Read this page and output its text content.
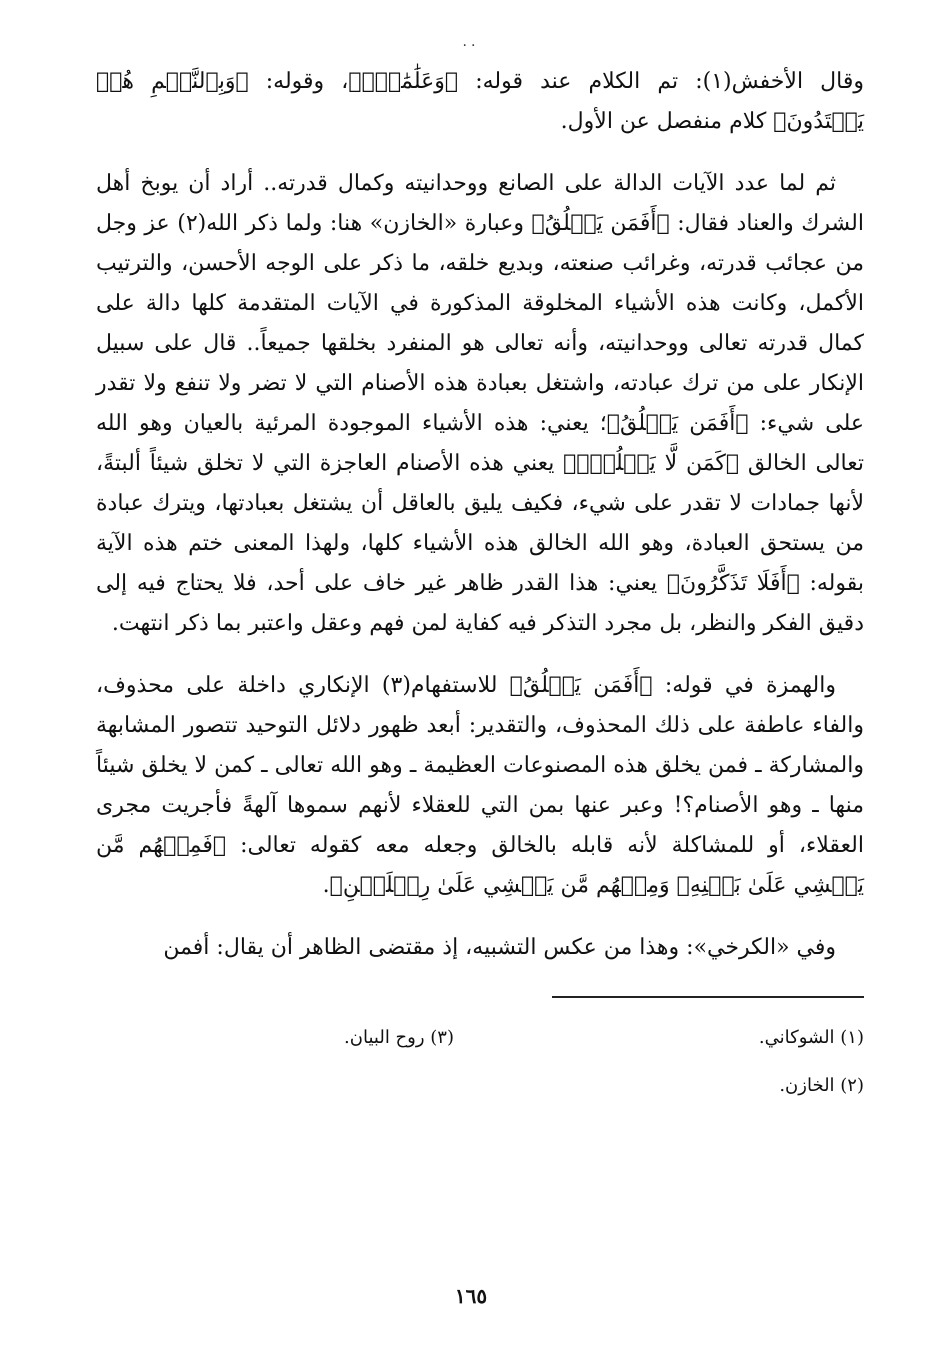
..

وقال الأخفش(١): تم الكلام عند قوله: ﴿وَعَلَٰمَٰتٍۚ﴾، وقوله: ﴿وَبِٱلنَّجۡمِ هُمۡ يَهۡتَدُونَ﴾ كلام منفصل عن الأول.

ثم لما عدد الآيات الدالة على الصانع ووحدانيته وكمال قدرته.. أراد أن يوبخ أهل الشرك والعناد فقال: ﴿أَفَمَن يَخۡلُقُ﴾ وعبارة «الخازن» هنا: ولما ذكر الله(٢) عز وجل من عجائب قدرته، وغرائب صنعته، وبديع خلقه، ما ذكر على الوجه الأحسن، والترتيب الأكمل، وكانت هذه الأشياء المخلوقة المذكورة في الآيات المتقدمة كلها دالة على كمال قدرته تعالى ووحدانيته، وأنه تعالى هو المنفرد بخلقها جميعاً.. قال على سبيل الإنكار على من ترك عبادته، واشتغل بعبادة هذه الأصنام التي لا تضر ولا تنفع ولا تقدر على شيء: ﴿أَفَمَن يَخۡلُقُ﴾؛ يعني: هذه الأشياء الموجودة المرئية بالعيان وهو الله تعالى الخالق ﴿كَمَن لَّا يَخۡلُقُۚ﴾ يعني هذه الأصنام العاجزة التي لا تخلق شيئاً ألبتةً، لأنها جمادات لا تقدر على شيء، فكيف يليق بالعاقل أن يشتغل بعبادتها، ويترك عبادة من يستحق العبادة، وهو الله الخالق هذه الأشياء كلها، ولهذا المعنى ختم هذه الآية بقوله: ﴿أَفَلَا تَذَكَّرُونَ﴾ يعني: هذا القدر ظاهر غير خاف على أحد، فلا يحتاج فيه إلى دقيق الفكر والنظر، بل مجرد التذكر فيه كفاية لمن فهم وعقل واعتبر بما ذكر انتهت.

والهمزة في قوله: ﴿أَفَمَن يَخۡلُقُ﴾ للاستفهام(٣) الإنكاري داخلة على محذوف، والفاء عاطفة على ذلك المحذوف، والتقدير: أبعد ظهور دلائل التوحيد تتصور المشابهة والمشاركة ـ فمن يخلق هذه المصنوعات العظيمة ـ وهو الله تعالى ـ كمن لا يخلق شيئاً منها ـ وهو الأصنام؟! وعبر عنها بمن التي للعقلاء لأنهم سموها آلهةً فأجريت مجرى العقلاء، أو للمشاكلة لأنه قابله بالخالق وجعله معه كقوله تعالى: ﴿فَمِنۡهُم مَّن يَمۡشِي عَلَىٰ بَطۡنِهِۦ وَمِنۡهُم مَّن يَمۡشِي عَلَىٰ رِجۡلَيۡنِ﴾.

وفي «الكرخي»: وهذا من عكس التشبيه، إذ مقتضى الظاهر أن يقال: أفمن

(١) الشوكاني.
(٣) روح البيان.
(٢) الخازن.
١٦٥
